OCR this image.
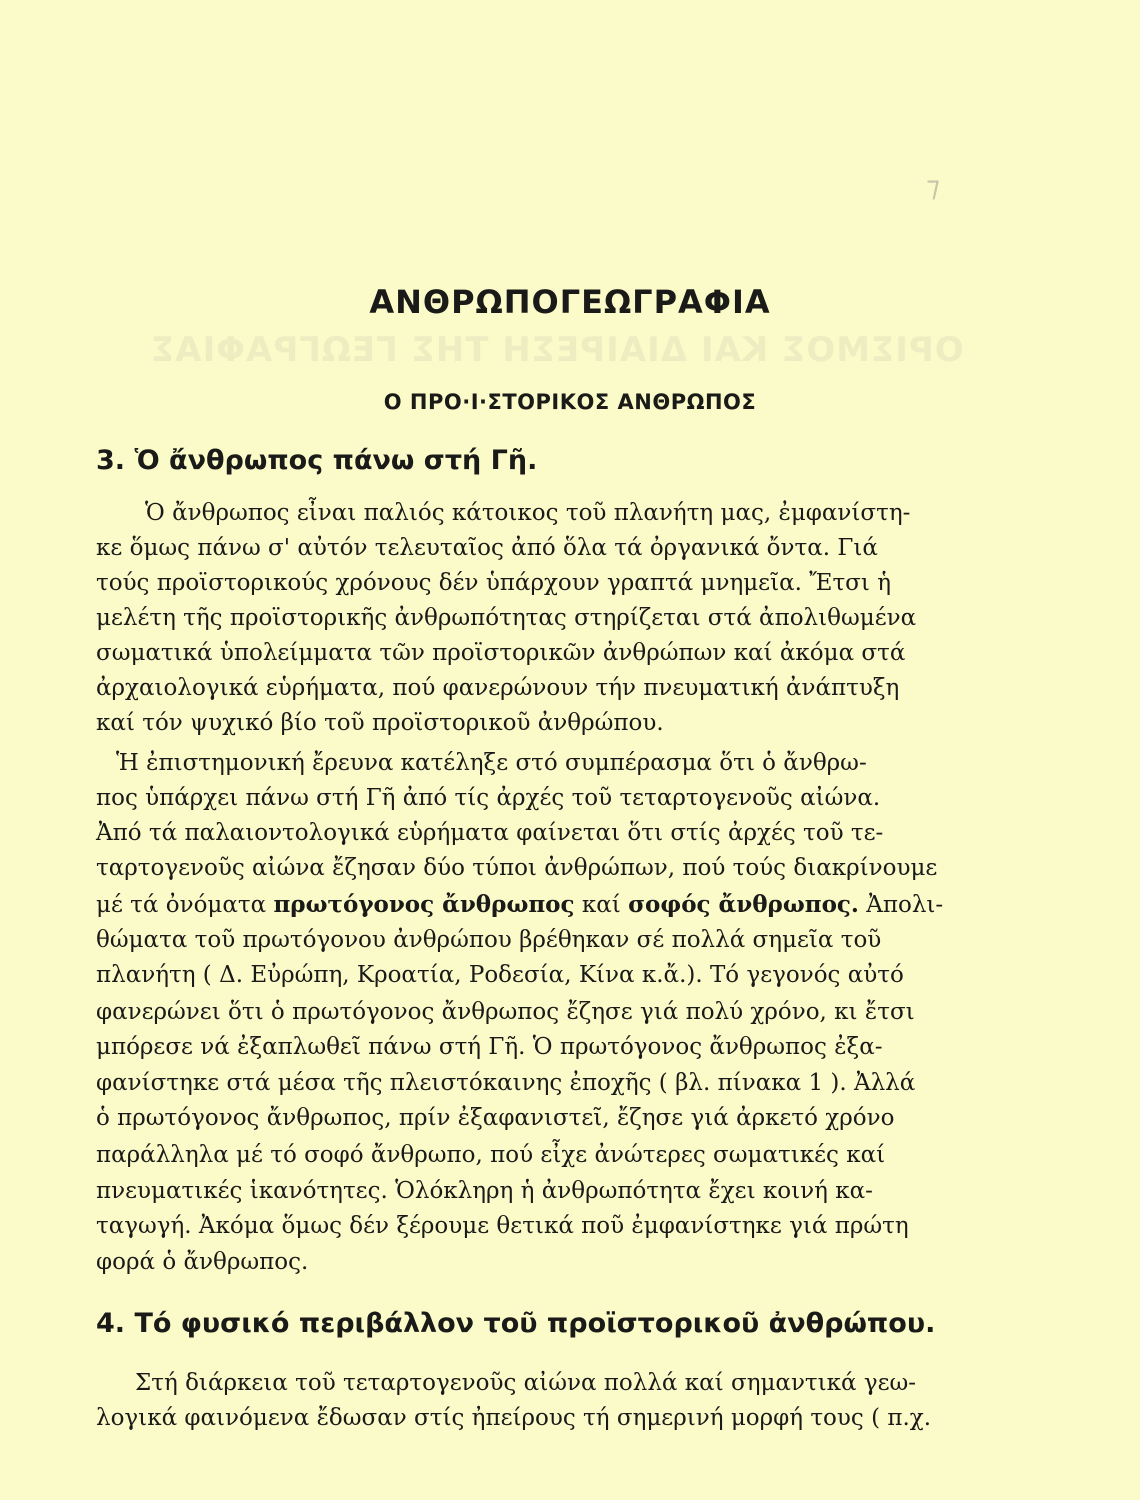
ΟΡΙΣΜΟΣ ΚΑΙ ΔΙΑΙΡΕΣΗ ΤΗΣ ΓΕΩΓΡΑΦΙΑΣ
⁊
ΑΝΘΡΩΠΟΓΕΩΓΡΑΦΙΑ
Ο ΠΡΟ·Ι·ΣΤΟΡΙΚΟΣ ΑΝΘΡΩΠΟΣ
3. Ὁ ἄνθρωπος πάνω στή Γῆ.
Ὁ ἄνθρωπος εἶναι παλιός κάτοικος τοῦ πλανήτη μας, ἐμφανίστη-
κε ὅμως πάνω σ' αὐτόν τελευταῖος ἀπό ὅλα τά ὀργανικά ὄντα. Γιά
τούς προϊστορικούς χρόνους δέν ὑπάρχουν γραπτά μνημεῖα. Ἔτσι ἡ
μελέτη τῆς προϊστορικῆς ἀνθρωπότητας στηρίζεται στά ἀπολιθωμένα
σωματικά ὑπολείμματα τῶν προϊστορικῶν ἀνθρώπων καί ἀκόμα στά
ἀρχαιολογικά εὑρήματα, πού φανερώνουν τήν πνευματική ἀνάπτυξη
καί τόν ψυχικό βίο τοῦ προϊστορικοῦ ἀνθρώπου.
Ἡ ἐπιστημονική ἔρευνα κατέληξε στό συμπέρασμα ὅτι ὁ ἄνθρω-
πος ὑπάρχει πάνω στή Γῆ ἀπό τίς ἀρχές τοῦ τεταρτογενοῦς αἰώνα.
Ἀπό τά παλαιοντολογικά εὑρήματα φαίνεται ὅτι στίς ἀρχές τοῦ τε-
ταρτογενοῦς αἰώνα ἔζησαν δύο τύποι ἀνθρώπων, πού τούς διακρίνουμε
μέ τά ὀνόματα πρωτόγονος ἄνθρωπος καί σοφός ἄνθρωπος. Ἀπολι-
θώματα τοῦ πρωτόγονου ἀνθρώπου βρέθηκαν σέ πολλά σημεῖα τοῦ
πλανήτη ( Δ. Εὐρώπη, Κροατία, Ροδεσία, Κίνα κ.ἄ.). Τό γεγονός αὐτό
φανερώνει ὅτι ὁ πρωτόγονος ἄνθρωπος ἔζησε γιά πολύ χρόνο, κι ἔτσι
μπόρεσε νά ἐξαπλωθεῖ πάνω στή Γῆ. Ὁ πρωτόγονος ἄνθρωπος ἐξα-
φανίστηκε στά μέσα τῆς πλειστόκαινης ἐποχῆς ( βλ. πίνακα 1 ). Ἀλλά
ὁ πρωτόγονος ἄνθρωπος, πρίν ἐξαφανιστεῖ, ἔζησε γιά ἀρκετό χρόνο
παράλληλα μέ τό σοφό ἄνθρωπο, πού εἶχε ἀνώτερες σωματικές καί
πνευματικές ἱκανότητες. Ὁλόκληρη ἡ ἀνθρωπότητα ἔχει κοινή κα-
ταγωγή. Ἀκόμα ὅμως δέν ξέρουμε θετικά ποῦ ἐμφανίστηκε γιά πρώτη
φορά ὁ ἄνθρωπος.
4. Τό φυσικό περιβάλλον τοῦ προϊστορικοῦ ἀνθρώπου.
Στή διάρκεια τοῦ τεταρτογενοῦς αἰώνα πολλά καί σημαντικά γεω-
λογικά φαινόμενα ἔδωσαν στίς ἠπείρους τή σημερινή μορφή τους ( π.χ.
